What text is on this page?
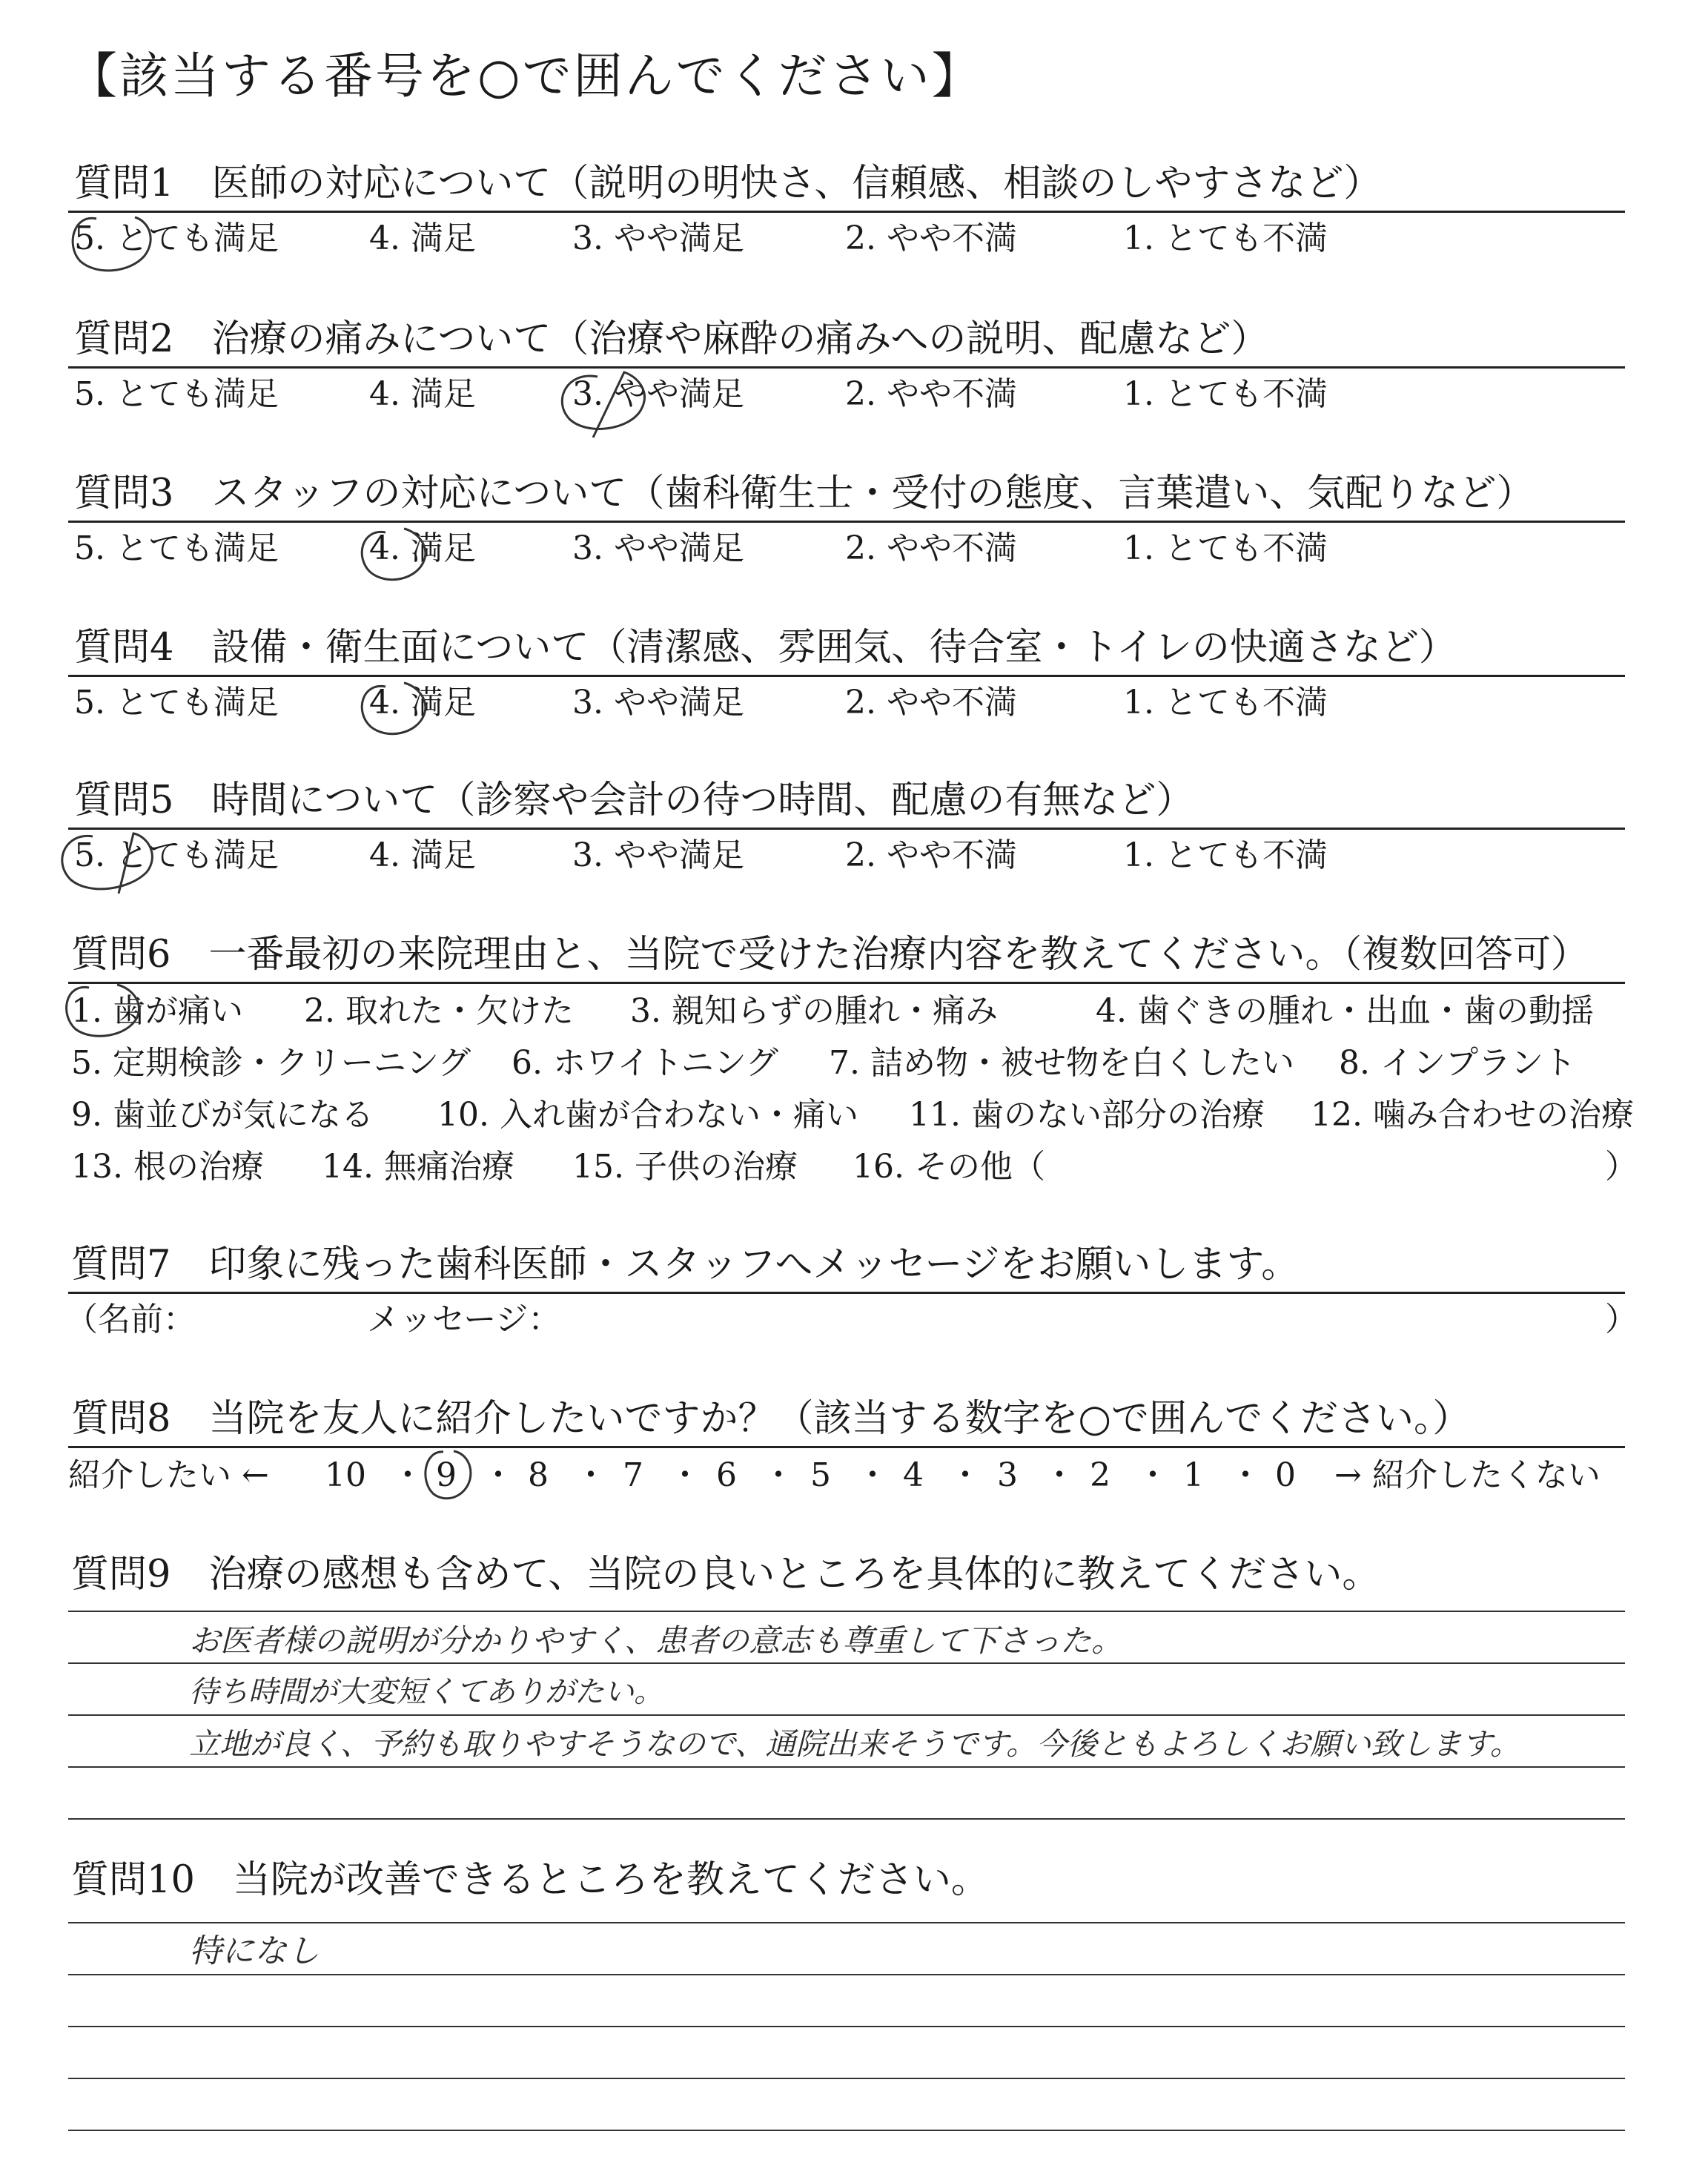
【該当する番号を○で囲んでください】
質問1　医師の対応について（説明の明快さ、信頼感、相談のしやすさなど）
5. とても満足	4. 満足	3. やや満足	2. やや不満	1. とても不満
質問2　治療の痛みについて（治療や麻酔の痛みへの説明、配慮など）
5. とても満足	4. 満足	3. やや満足	2. やや不満	1. とても不満
質問3　スタッフの対応について（歯科衛生士・受付の態度、言葉遣い、気配りなど）
5. とても満足	4. 満足	3. やや満足	2. やや不満	1. とても不満
質問4　設備・衛生面について（清潔感、雰囲気、待合室・トイレの快適さなど）
5. とても満足	4. 満足	3. やや満足	2. やや不満	1. とても不満
質問5　時間について（診察や会計の待つ時間、配慮の有無など）
5. とても満足	4. 満足	3. やや満足	2. やや不満	1. とても不満
質問6　一番最初の来院理由と、当院で受けた治療内容を教えてください。（複数回答可）
1. 歯が痛い 2. 取れた・欠けた 3. 親知らずの腫れ・痛み	4. 歯ぐきの腫れ・出血・歯の動揺
5. 定期検診・クリーニング 6. ホワイトニング 7. 詰め物・被せ物を白くしたい 8. インプラント
9. 歯並びが気になる 10. 入れ歯が合わない・痛い 11. 歯のない部分の治療 12. 噛み合わせの治療
13. 根の治療 14. 無痛治療 15. 子供の治療 16. その他（	）
質問7　印象に残った歯科医師・スタッフへメッセージをお願いします。
（名前：	メッセージ：	）
質問8　当院を友人に紹介したいですか？（該当する数字を○で囲んでください。）
紹介したい ← 10 ・ 9 ・ 8 ・ 7 ・ 6 ・ 5 ・ 4 ・ 3 ・ 2 ・ 1 ・ 0 → 紹介したくない
質問9　治療の感想も含めて、当院の良いところを具体的に教えてください。
お医者様の説明が分かりやすく、患者の意志も尊重して下さった。
待ち時間が大変短くてありがたい。
立地が良く、予約も取りやすそうなので、通院出来そうです。今後ともよろしくお願い致します。
質問10　当院が改善できるところを教えてください。
特になし
